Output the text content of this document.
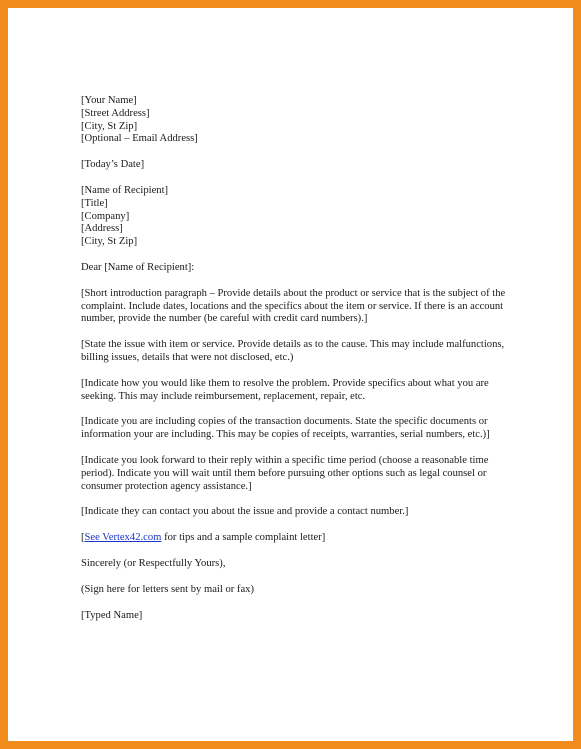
[Your Name]
[Street Address]
[City, St Zip]
[Optional – Email Address]
[Today’s Date]
[Name of Recipient]
[Title]
[Company]
[Address]
[City, St Zip]
Dear [Name of Recipient]:
[Short introduction paragraph – Provide details about the product or service that is the subject of the complaint. Include dates, locations and the specifics about the item or service. If there is an account number, provide the number (be careful with credit card numbers).]
[State the issue with item or service. Provide details as to the cause. This may include malfunctions, billing issues, details that were not disclosed, etc.)
[Indicate how you would like them to resolve the problem. Provide specifics about what you are seeking. This may include reimbursement, replacement, repair, etc.
[Indicate you are including copies of the transaction documents. State the specific documents or information your are including. This may be copies of receipts, warranties, serial numbers, etc.)]
[Indicate you look forward to their reply within a specific time period (choose a reasonable time period). Indicate you will wait until them before pursuing other options such as legal counsel or consumer protection agency assistance.]
[Indicate they can contact you about the issue and provide a contact number.]
[See Vertex42.com for tips and a sample complaint letter]
Sincerely (or Respectfully Yours),
(Sign here for letters sent by mail or fax)
[Typed Name]
